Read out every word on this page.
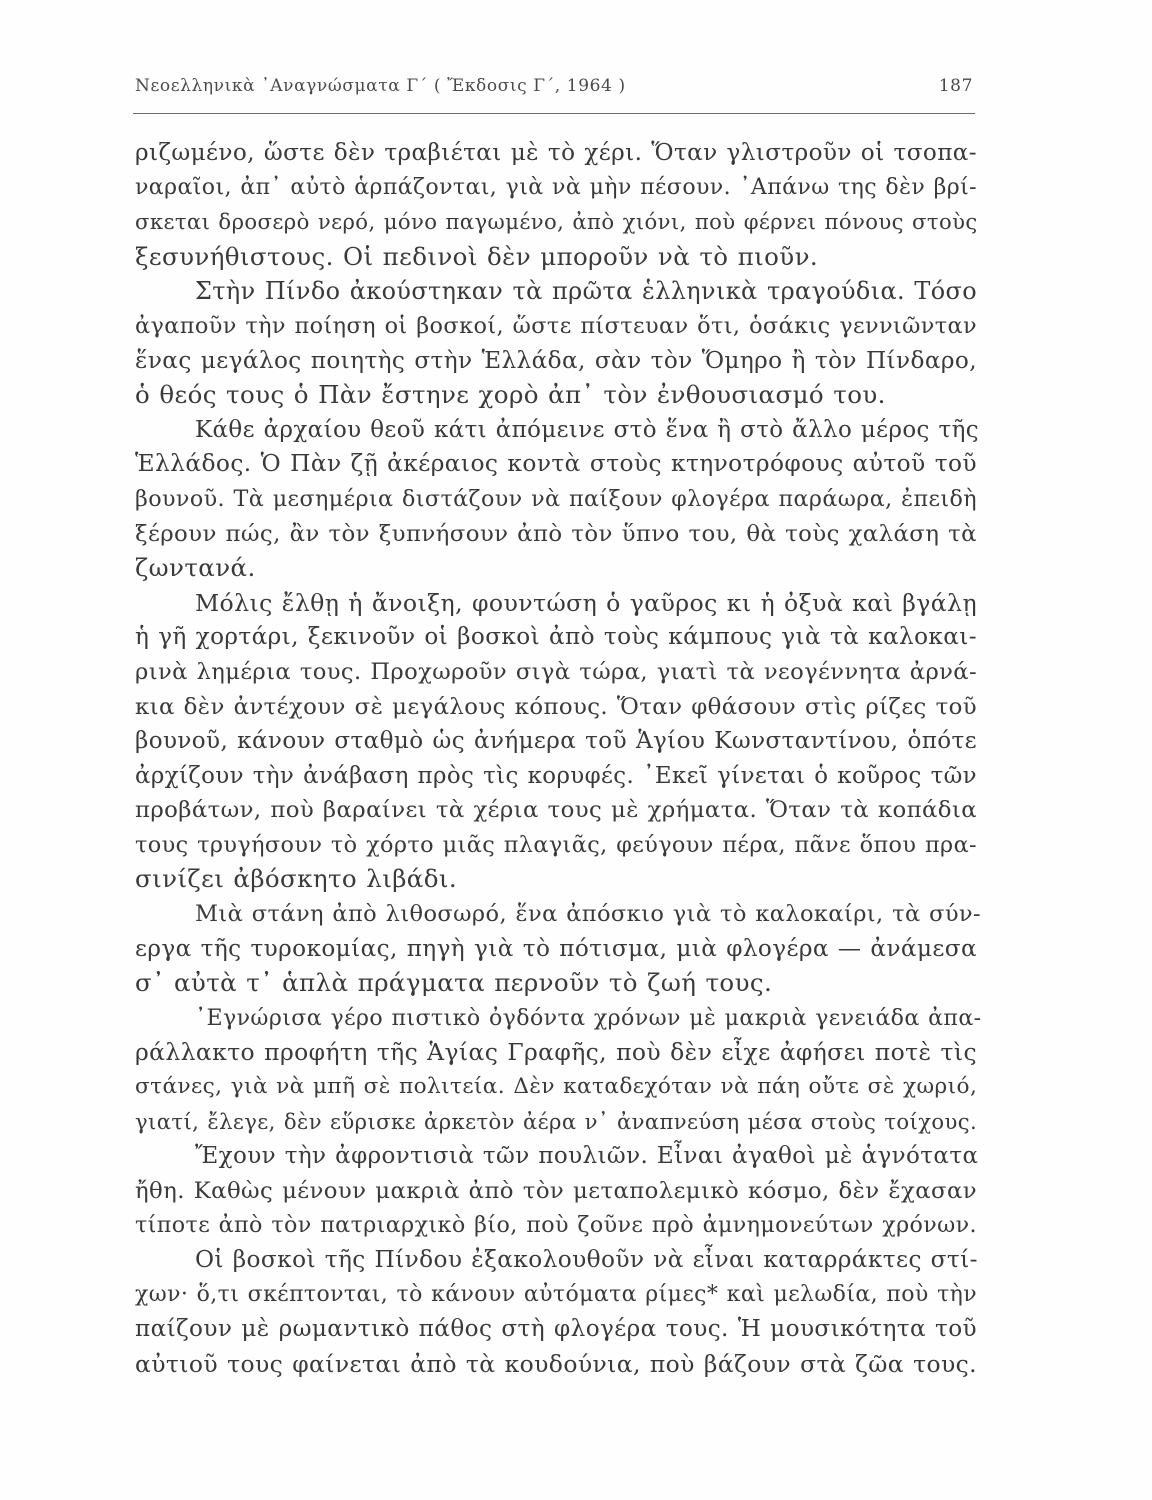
Νεοελληνικὰ ᾽Αναγνώσματα Γ΄ ( Ἔκδοσις Γ΄, 1964 )	187

ριζωμένο, ὥστε δὲν τραβιέται μὲ τὸ χέρι. Ὅταν γλιστροῦν οἱ τσοπα-
ναραῖοι, ἀπ᾽ αὐτὸ ἁρπάζονται, γιὰ νὰ μὴν πέσουν. ᾽Απάνω της δὲν βρί-
σκεται δροσερὸ νερό, μόνο παγωμένο, ἀπὸ χιόνι, ποὺ φέρνει πόνους στοὺς
ξεσυνήθιστους. Οἱ πεδινοὶ δὲν μποροῦν νὰ τὸ πιοῦν.

Στὴν Πίνδο ἀκούστηκαν τὰ πρῶτα ἑλληνικὰ τραγούδια. Τόσο
ἀγαποῦν τὴν ποίηση οἱ βοσκοί, ὥστε πίστευαν ὅτι, ὁσάκις γεννιῶνταν
ἕνας μεγάλος ποιητὴς στὴν Ἑλλάδα, σὰν τὸν Ὅμηρο ἢ τὸν Πίνδαρο,
ὁ θεός τους ὁ Πὰν ἔστηνε χορὸ ἀπ᾽ τὸν ἐνθουσιασμό του.

Κάθε ἀρχαίου θεοῦ κάτι ἀπόμεινε στὸ ἕνα ἢ στὸ ἄλλο μέρος τῆς
Ἑλλάδος. Ὁ Πὰν ζῇ ἀκέραιος κοντὰ στοὺς κτηνοτρόφους αὐτοῦ τοῦ
βουνοῦ. Τὰ μεσημέρια διστάζουν νὰ παίξουν φλογέρα παράωρα, ἐπειδὴ
ξέρουν πώς, ἂν τὸν ξυπνήσουν ἀπὸ τὸν ὕπνο του, θὰ τοὺς χαλάση τὰ
ζωντανά.

Μόλις ἔλθῃ ἡ ἄνοιξη, φουντώση ὁ γαῦρος κι ἡ ὀξυὰ καὶ βγάλῃ
ἡ γῆ χορτάρι, ξεκινοῦν οἱ βοσκοὶ ἀπὸ τοὺς κάμπους γιὰ τὰ καλοκαι-
ρινὰ λημέρια τους. Προχωροῦν σιγὰ τώρα, γιατὶ τὰ νεογέννητα ἀρνά-
κια δὲν ἀντέχουν σὲ μεγάλους κόπους. Ὅταν φθάσουν στὶς ρίζες τοῦ
βουνοῦ, κάνουν σταθμὸ ὡς ἀνήμερα τοῦ Ἁγίου Κωνσταντίνου, ὁπότε
ἀρχίζουν τὴν ἀνάβαση πρὸς τὶς κορυφές. ᾽Εκεῖ γίνεται ὁ κοῦρος τῶν
προβάτων, ποὺ βαραίνει τὰ χέρια τους μὲ χρήματα. Ὅταν τὰ κοπάδια
τους τρυγήσουν τὸ χόρτο μιᾶς πλαγιᾶς, φεύγουν πέρα, πᾶνε ὅπου πρα-
σινίζει ἀβόσκητο λιβάδι.

Μιὰ στάνη ἀπὸ λιθοσωρό, ἕνα ἀπόσκιο γιὰ τὸ καλοκαίρι, τὰ σύν-
εργα τῆς τυροκομίας, πηγὴ γιὰ τὸ πότισμα, μιὰ φλογέρα — ἀνάμεσα
σ᾽ αὐτὰ τ᾽ ἁπλὰ πράγματα περνοῦν τὸ ζωή τους.

᾽Εγνώρισα γέρο πιστικὸ ὀγδόντα χρόνων μὲ μακριὰ γενειάδα ἀπα-
ράλλακτο προφήτη τῆς Ἁγίας Γραφῆς, ποὺ δὲν εἶχε ἀφήσει ποτὲ τὶς
στάνες, γιὰ νὰ μπῆ σὲ πολιτεία. Δὲν καταδεχόταν νὰ πάη οὔτε σὲ χωριό,
γιατί, ἔλεγε, δὲν εὕρισκε ἀρκετὸν ἀέρα ν᾽ ἀναπνεύση μέσα στοὺς τοίχους.

Ἔχουν τὴν ἀφροντισιὰ τῶν πουλιῶν. Εἶναι ἀγαθοὶ μὲ ἁγνότατα
ἤθη. Καθὼς μένουν μακριὰ ἀπὸ τὸν μεταπολεμικὸ κόσμο, δὲν ἔχασαν
τίποτε ἀπὸ τὸν πατριαρχικὸ βίο, ποὺ ζοῦνε πρὸ ἀμνημονεύτων χρόνων.

Οἱ βοσκοὶ τῆς Πίνδου ἐξακολουθοῦν νὰ εἶναι καταρράκτες στί-
χων· ὅ,τι σκέπτονται, τὸ κάνουν αὐτόματα ρίμες* καὶ μελωδία, ποὺ τὴν
παίζουν μὲ ρωμαντικὸ πάθος στὴ φλογέρα τους. Ἡ μουσικότητα τοῦ
αὐτιοῦ τους φαίνεται ἀπὸ τὰ κουδούνια, ποὺ βάζουν στὰ ζῶα τους.
